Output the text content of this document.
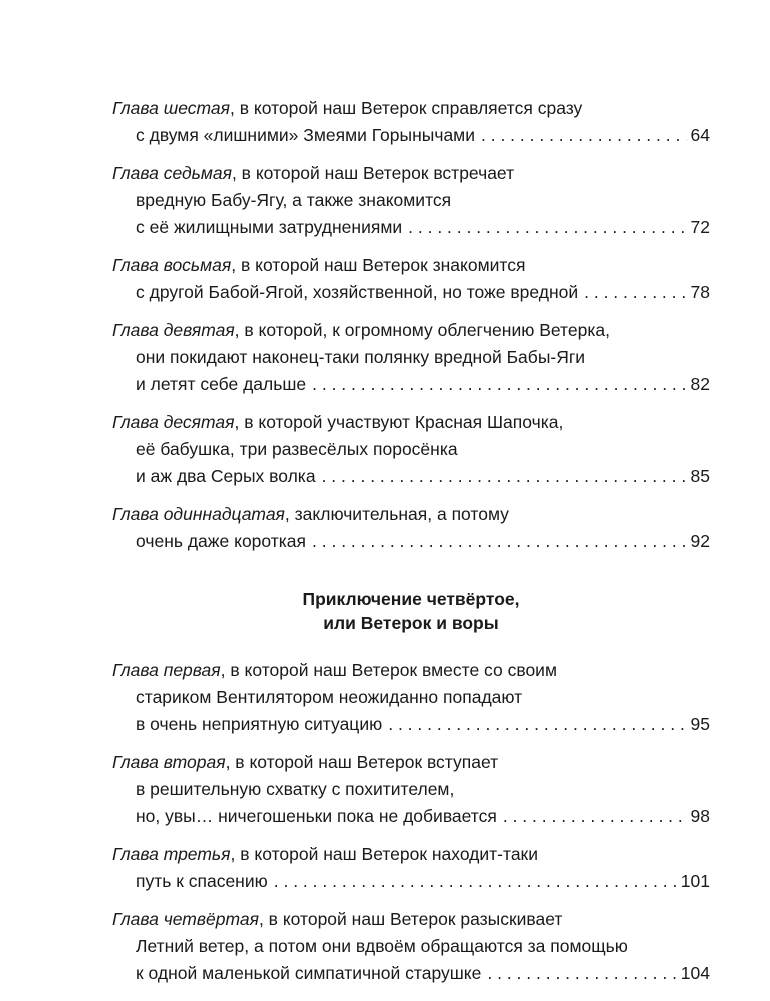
Глава шестая, в которой наш Ветерок справляется сразу
с двумя «лишними» Змеями Горынычами . . .	64
Глава седьмая, в которой наш Ветерок встречает
вредную Бабу-Ягу, а также знакомится
с её жилищными затруднениями . . .	72
Глава восьмая, в которой наш Ветерок знакомится
с другой Бабой-Ягой, хозяйственной, но тоже вредной . . .	78
Глава девятая, в которой, к огромному облегчению Ветерка,
они покидают наконец-таки полянку вредной Бабы-Яги
и летят себе дальше . . .	82
Глава десятая, в которой участвуют Красная Шапочка,
её бабушка, три развесёлых поросёнка
и аж два Серых волка . . .	85
Глава одиннадцатая, заключительная, а потому
очень даже короткая . . .	92
Приключение четвёртое,
или Ветерок и воры
Глава первая, в которой наш Ветерок вместе со своим
стариком Вентилятором неожиданно попадают
в очень неприятную ситуацию . . .	95
Глава вторая, в которой наш Ветерок вступает
в решительную схватку с похитителем,
но, увы… ничегошеньки пока не добивается . . .	98
Глава третья, в которой наш Ветерок находит-таки
путь к спасению . . .	101
Глава четвёртая, в которой наш Ветерок разыскивает
Летний ветер, а потом они вдвоём обращаются за помощью
к одной маленькой симпатичной старушке . . .	104
